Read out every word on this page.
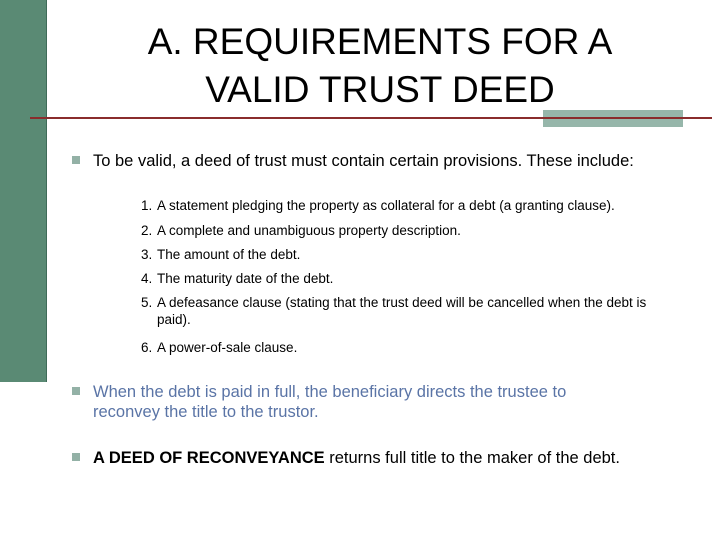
A. REQUIREMENTS FOR A
VALID TRUST DEED
To be valid, a deed of trust must contain certain provisions. These include:
1. A statement pledging the property as collateral for a debt (a granting clause).
2. A complete and unambiguous property description.
3. The amount of the debt.
4. The maturity date of the debt.
5. A defeasance clause (stating that the trust deed will be cancelled when the debt is paid).
6. A power-of-sale clause.
When the debt is paid in full, the beneficiary directs the trustee to reconvey the title to the trustor.
A DEED OF RECONVEYANCE returns full title to the maker of the debt.
